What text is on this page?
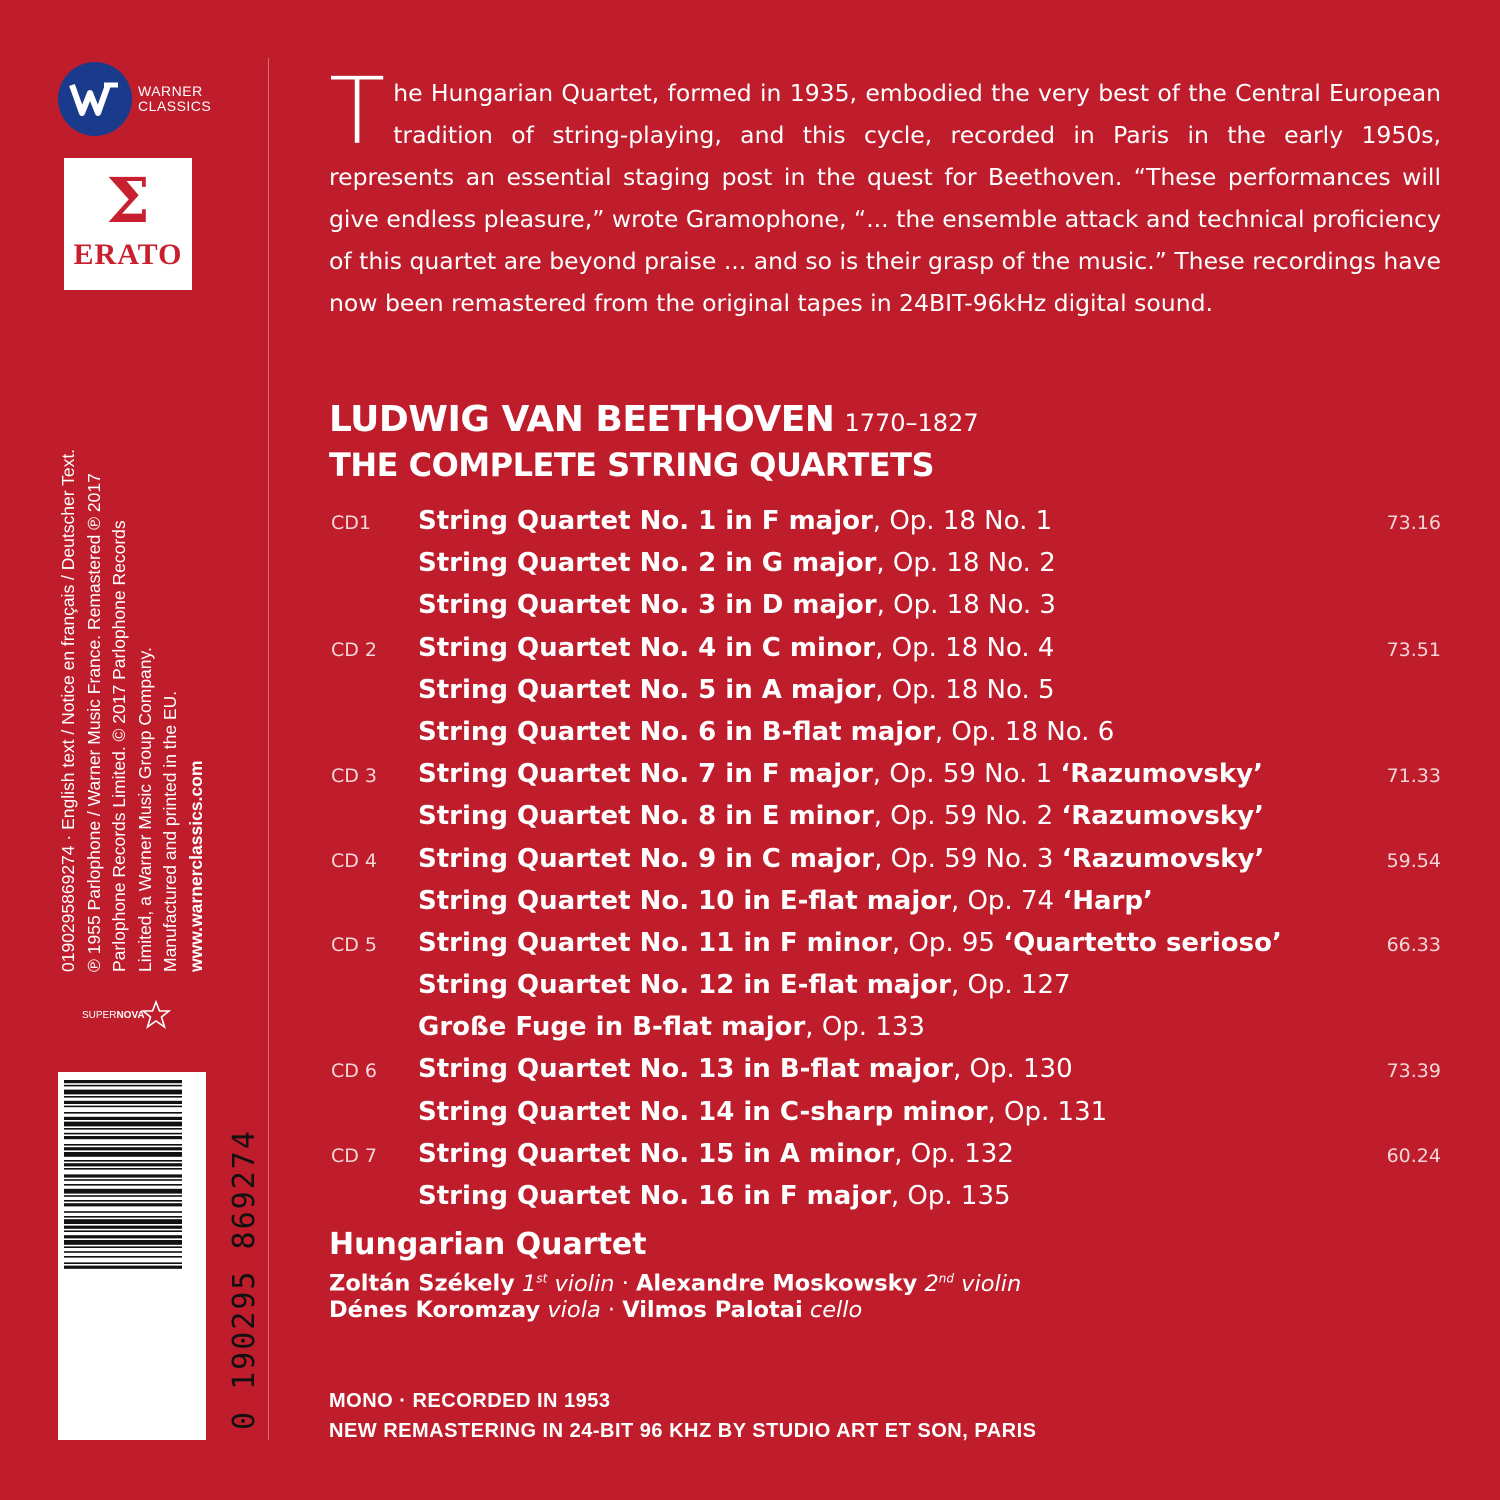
WARNER
CLASSICS
Σ
ERATO
0190295869274 · English text / Notice en français / Deutscher Text. ℗ 1955 Parlophone / Warner Music France. Remastered ℗ 2017 Parlophone Records Limited. © 2017 Parlophone Records Limited, a Warner Music Group Company. Manufactured and printed in the EU. www.warnerclassics.com
SUPER NOVA
0 190295 869274
The Hungarian Quartet, formed in 1935, embodied the very best of the Central European tradition of string-playing, and this cycle, recorded in Paris in the early 1950s, represents an essential staging post in the quest for Beethoven. “These performances will give endless pleasure,” wrote Gramophone, “... the ensemble attack and technical proficiency of this quartet are beyond praise ... and so is their grasp of the music.” These recordings have now been remastered from the original tapes in 24BIT-96kHz digital sound.
LUDWIG VAN BEETHOVEN 1770–1827
THE COMPLETE STRING QUARTETS
CD1 String Quartet No. 1 in F major, Op. 18 No. 1	73.16
String Quartet No. 2 in G major, Op. 18 No. 2
String Quartet No. 3 in D major, Op. 18 No. 3
CD 2 String Quartet No. 4 in C minor, Op. 18 No. 4	73.51
String Quartet No. 5 in A major, Op. 18 No. 5
String Quartet No. 6 in B-flat major, Op. 18 No. 6
CD 3 String Quartet No. 7 in F major, Op. 59 No. 1 ‘Razumovsky’	71.33
String Quartet No. 8 in E minor, Op. 59 No. 2 ‘Razumovsky’
CD 4 String Quartet No. 9 in C major, Op. 59 No. 3 ‘Razumovsky’	59.54
String Quartet No. 10 in E-flat major, Op. 74 ‘Harp’
CD 5 String Quartet No. 11 in F minor, Op. 95 ‘Quartetto serioso’	66.33
String Quartet No. 12 in E-flat major, Op. 127
Große Fuge in B-flat major, Op. 133
CD 6 String Quartet No. 13 in B-flat major, Op. 130	73.39
String Quartet No. 14 in C-sharp minor, Op. 131
CD 7 String Quartet No. 15 in A minor, Op. 132	60.24
String Quartet No. 16 in F major, Op. 135
Hungarian Quartet
Zoltán Székely 1st violin · Alexandre Moskowsky 2nd violin
Dénes Koromzay viola · Vilmos Palotai cello
MONO · RECORDED IN 1953
NEW REMASTERING IN 24-BIT 96 KHZ BY STUDIO ART ET SON, PARIS
